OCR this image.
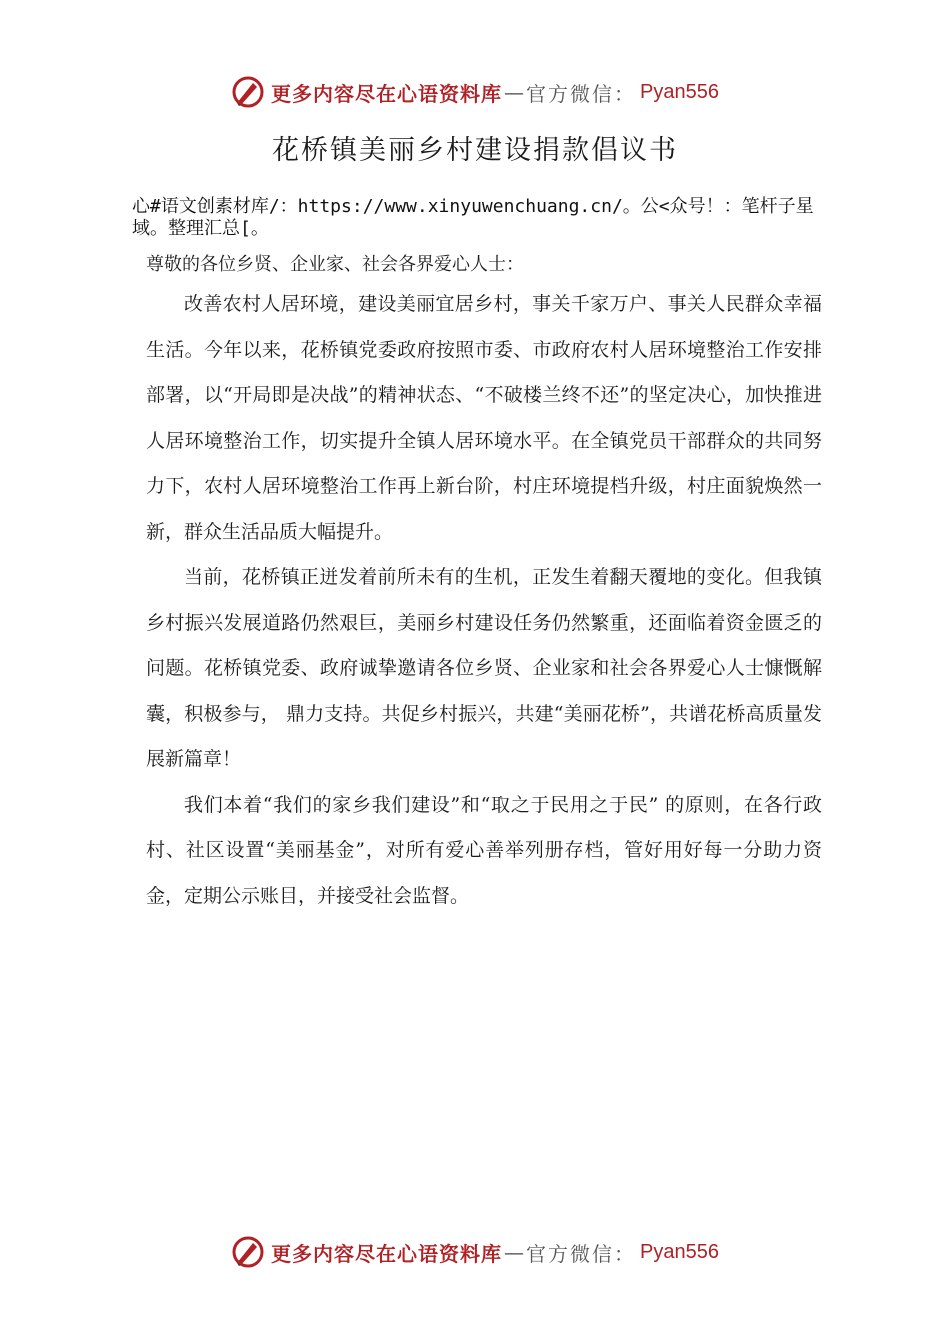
更多内容尽在心语资料库 — 官方微信： Pyan556
花桥镇美丽乡村建设捐款倡议书
心#语文创素材库/：https://www.xinyuwenchuang.cn/。公<众号！：笔杆子星域。整理汇总[。
尊敬的各位乡贤、企业家、社会各界爱心人士：

改善农村人居环境，建设美丽宜居乡村，事关千家万户、事关人民群众幸福生活。今年以来，花桥镇党委政府按照市委、市政府农村人居环境整治工作安排部署，以“开局即是决战”的精神状态、“不破楼兰终不还”的坚定决心，加快推进人居环境整治工作，切实提升全镇人居环境水平。在全镇党员干部群众的共同努力下，农村人居环境整治工作再上新台阶，村庄环境提档升级，村庄面貌焕然一新，群众生活品质大幅提升。

当前，花桥镇正迸发着前所未有的生机，正发生着翻天覆地的变化。但我镇乡村振兴发展道路仍然艰巨，美丽乡村建设任务仍然繁重，还面临着资金匮乏的问题。花桥镇党委、政府诚挚邀请各位乡贤、企业家和社会各界爱心人士慷慨解囊，积极参与， 鼎力支持。共促乡村振兴，共建“美丽花桥”，共谱花桥高质量发展新篇章！

我们本着“我们的家乡我们建设”和“取之于民用之于民” 的原则，在各行政村、社区设置“美丽基金”，对所有爱心善举列册存档，管好用好每一分助力资金，定期公示账目，并接受社会监督。

更多内容尽在心语资料库 — 官方微信： Pyan556
